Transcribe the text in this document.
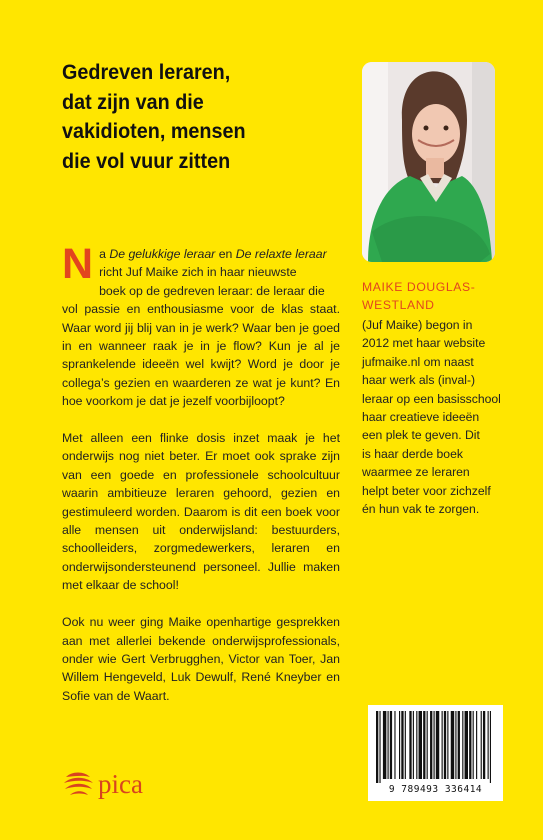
Gedreven leraren,
dat zijn van die
vakidioten, mensen
die vol vuur zitten

Na De gelukkige leraar en De relaxte leraar
richt Juf Maike zich in haar nieuwste
boek op de gedreven leraar: de leraar die
vol passie en enthousiasme voor de klas staat. Waar word jij blij van in je werk? Waar ben je goed in en wanneer raak je in je flow? Kun je al je sprankelende ideeën wel kwijt? Word je door je collega’s gezien en waarderen ze wat je kunt? En hoe voorkom je dat je jezelf voorbijloopt?

Met alleen een flinke dosis inzet maak je het onderwijs nog niet beter. Er moet ook sprake zijn van een goede en professionele schoolcultuur waarin ambitieuze leraren gehoord, gezien en gestimuleerd worden. Daarom is dit een boek voor alle mensen uit onderwijsland: bestuurders, schoolleiders, zorgmedewerkers, leraren en onderwijsondersteunend personeel. Jullie maken met elkaar de school!

Ook nu weer ging Maike openhartige gesprekken aan met allerlei bekende onderwijsprofessionals, onder wie Gert Verbrugghen, Victor van Toer, Jan Willem Hengeveld, Luk Dewulf, René Kneyber en Sofie van de Waart.

MAIKE DOUGLAS-
WESTLAND
(Juf Maike) begon in
2012 met haar website
jufmaike.nl om naast
haar werk als (inval-)
leraar op een basisschool
haar creatieve ideeën
een plek te geven. Dit
is haar derde boek
waarmee ze leraren
helpt beter voor zichzelf
én hun vak te zorgen.
pica	9 789493 336414
